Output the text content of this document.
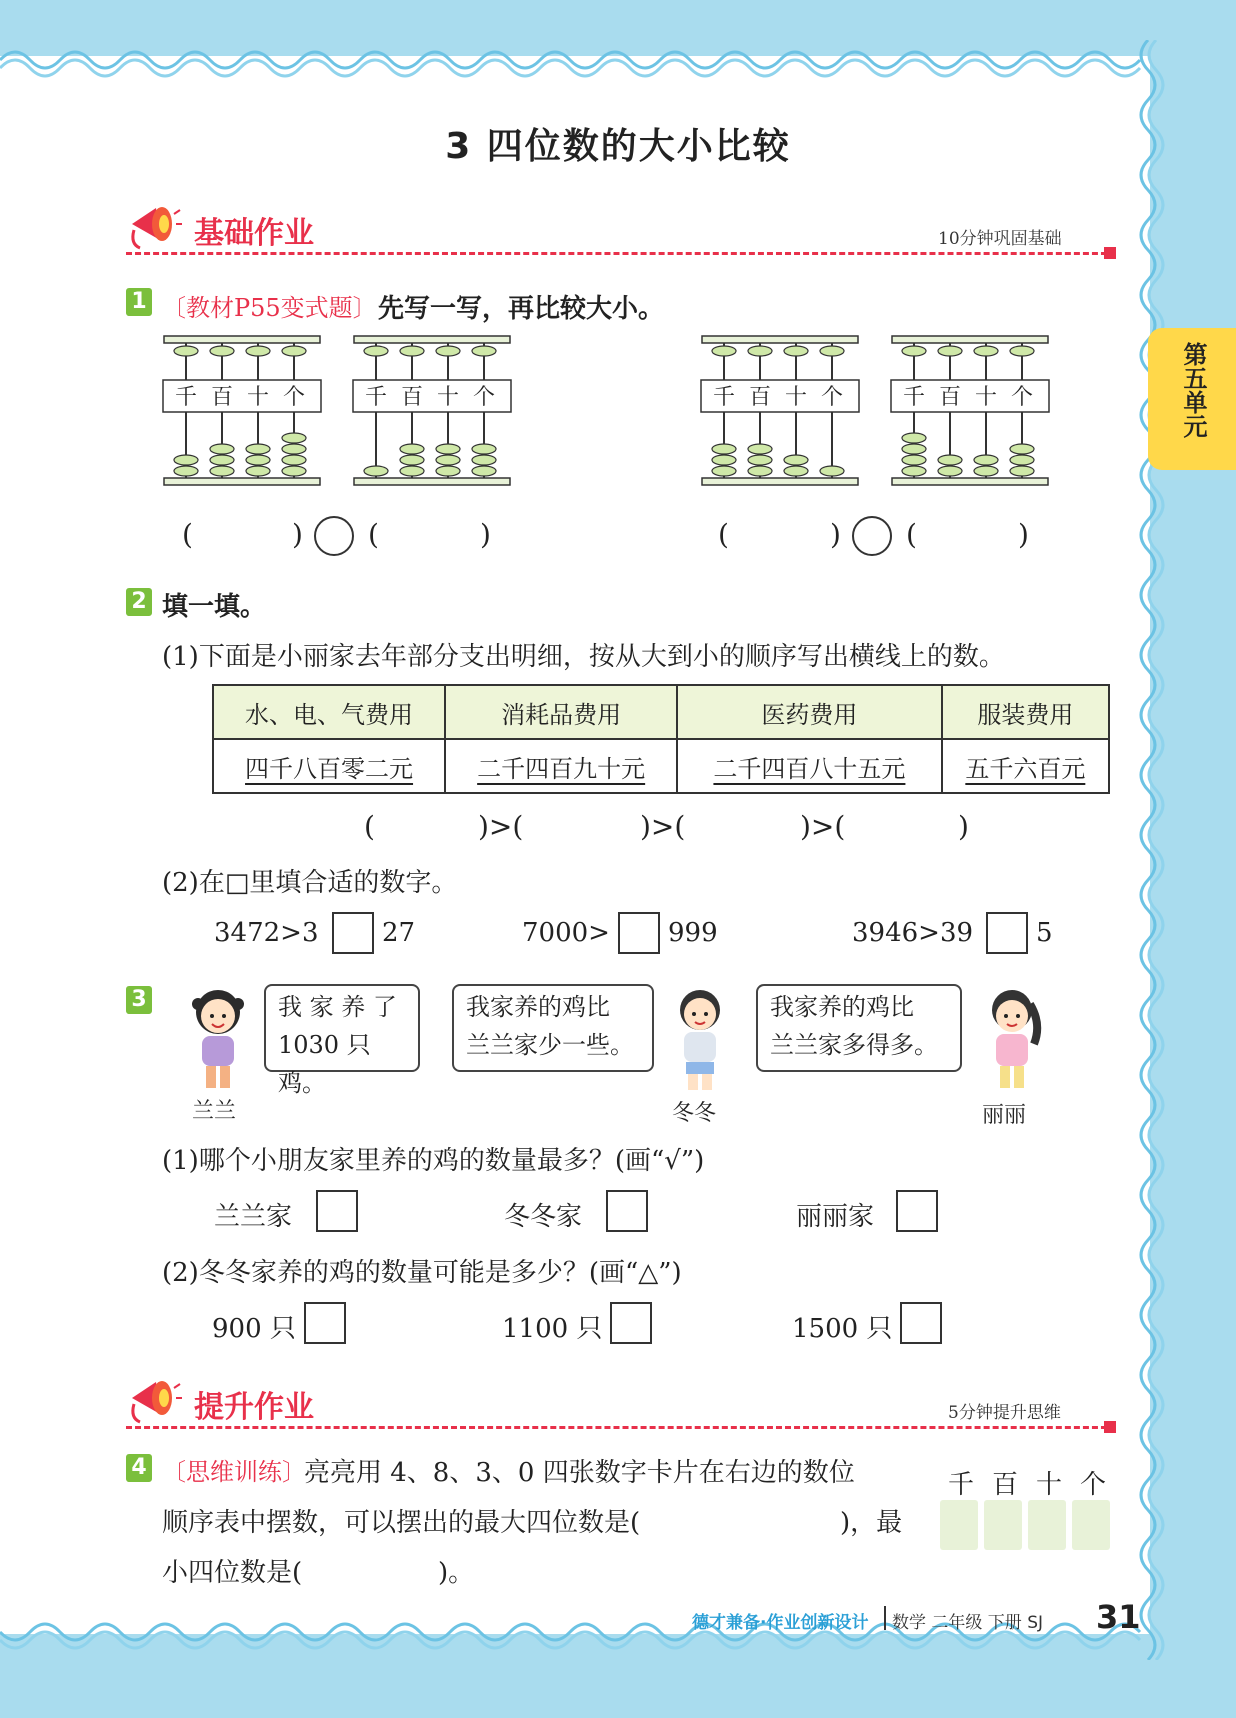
第五单元
3 四位数的大小比较
基础作业	10分钟巩固基础
1 〔教材P55变式题〕 先写一写，再比较大小。
千 百 十 个	千 百 十 个	千 百 十 个	千 百 十 个
(	) (	)	(	) (	)
2 填一填。
(1)下面是小丽家去年部分支出明细，按从大到小的顺序写出横线上的数。
水、电、气费用	消耗品费用	医药费用	服装费用
四千八百零二元	二千四百九十元	二千四百八十五元	五千六百元
(	)>(	)>(	)>(	)
(2)在□里填合适的数字。
3472>3 27	7000> 999	3946>39 5
3	我 家 养 了
1030 只鸡。
我家养的鸡比
兰兰家少一些。
我家养的鸡比
兰兰家多得多。
兰兰	冬冬	丽丽
(1)哪个小朋友家里养的鸡的数量最多？(画“√”)
兰兰家	冬冬家	丽丽家
(2)冬冬家养的鸡的数量可能是多少？(画“△”)
900 只	1100 只	1500 只
提升作业	5分钟提升思维
4 〔思维训练〕
亮亮用 4、8、3、0 四张数字卡片在右边的数位
顺序表中摆数，可以摆出的最大四位数是(	)，最
小四位数是(	)。
千 百 十 个
德才兼备·作业创新设计 数学 二年级 下册 SJ 31
